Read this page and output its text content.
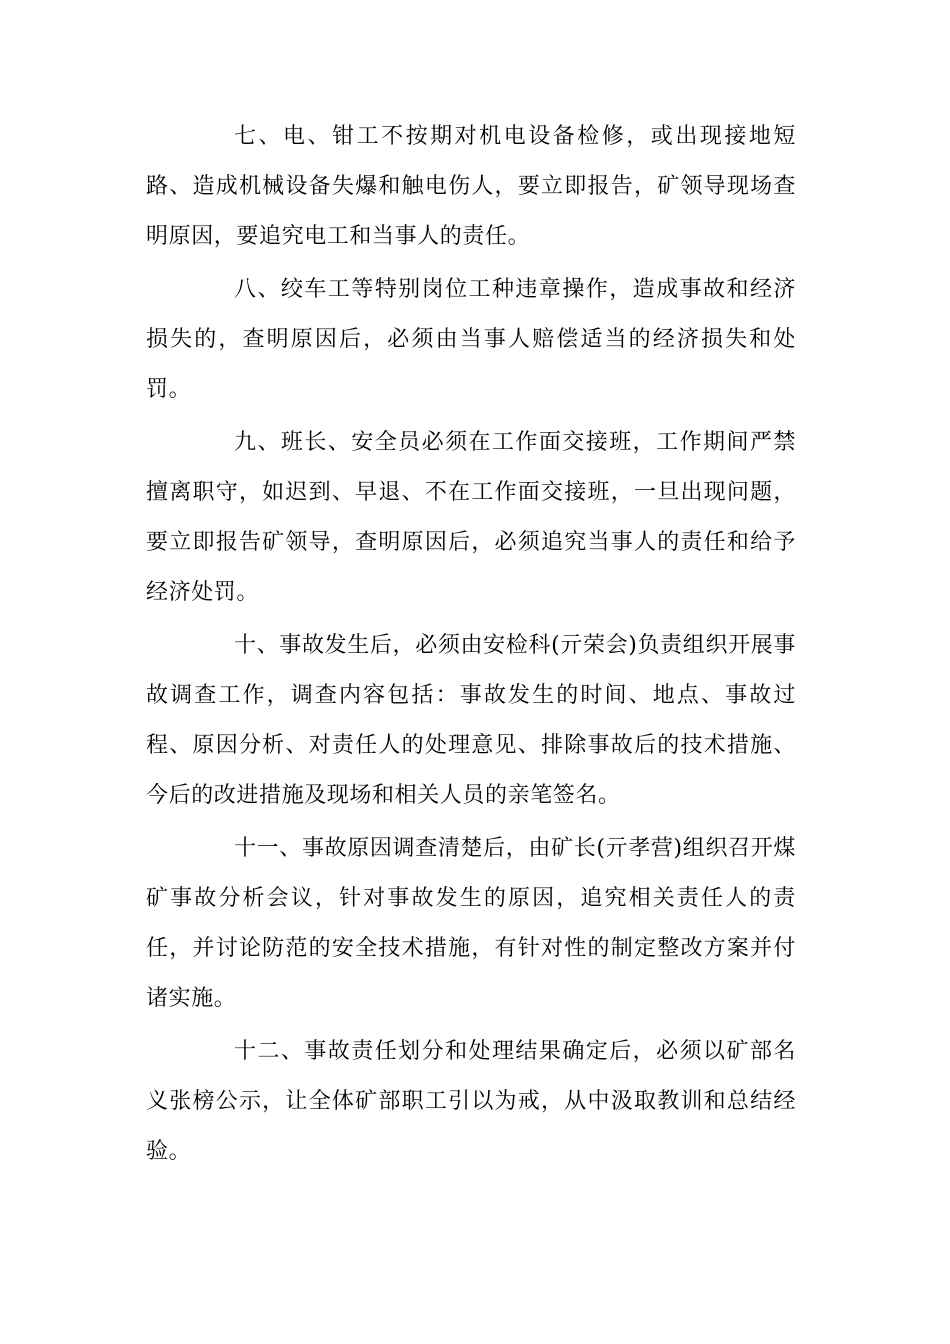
七、电、钳工不按期对机电设备检修，或出现接地短路、造成机械设备失爆和触电伤人，要立即报告，矿领导现场查明原因，要追究电工和当事人的责任。

八、绞车工等特别岗位工种违章操作，造成事故和经济损失的，查明原因后，必须由当事人赔偿适当的经济损失和处罚。

九、班长、安全员必须在工作面交接班，工作期间严禁擅离职守，如迟到、早退、不在工作面交接班，一旦出现问题，要立即报告矿领导，查明原因后，必须追究当事人的责任和给予经济处罚。

十、事故发生后，必须由安检科(亓荣会)负责组织开展事故调查工作，调查内容包括：事故发生的时间、地点、事故过程、原因分析、对责任人的处理意见、排除事故后的技术措施、今后的改进措施及现场和相关人员的亲笔签名。

十一、事故原因调查清楚后，由矿长(亓孝营)组织召开煤矿事故分析会议，针对事故发生的原因，追究相关责任人的责任，并讨论防范的安全技术措施，有针对性的制定整改方案并付诸实施。

十二、事故责任划分和处理结果确定后，必须以矿部名义张榜公示，让全体矿部职工引以为戒，从中汲取教训和总结经验。
